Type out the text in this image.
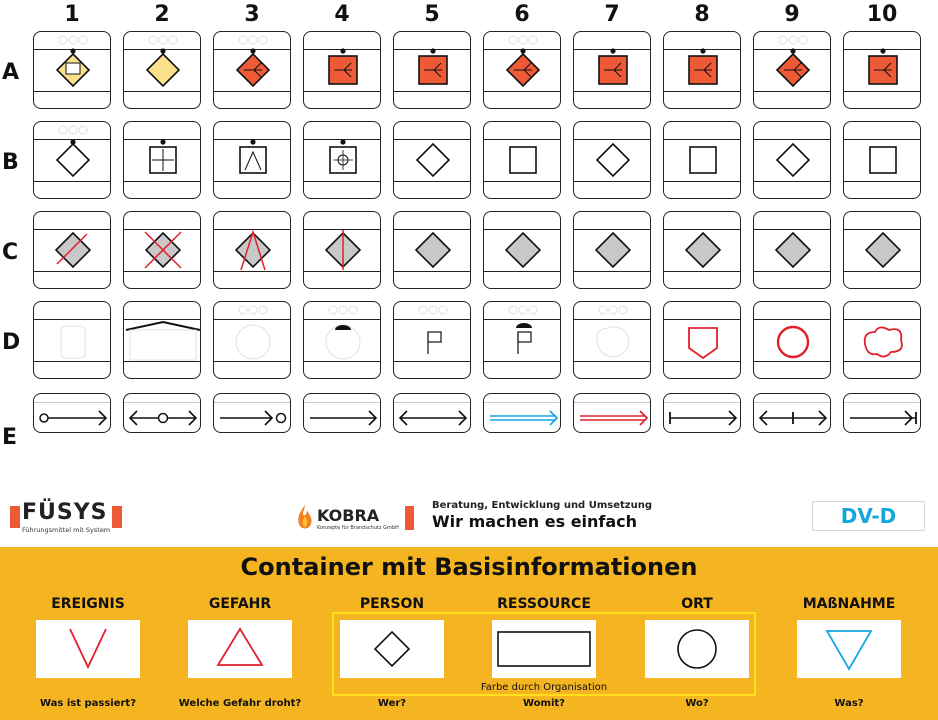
1	2	3	4	5	6	7	8	9	10
A
B
C
D
E
FÜSYS
Führungsmittel mit System
KOBRA
Konzepte für Brandschutz GmbH
Beratung, Entwicklung und Umsetzung
Wir machen es einfach	DV-D
Container mit Basisinformationen
Farbe durch Organisation
EREIGNIS
Was ist passiert?
GEFAHR
Welche Gefahr droht?
PERSON
Wer?
RESSOURCE
Womit?
ORT
Wo?
MAßNAHME
Was?
